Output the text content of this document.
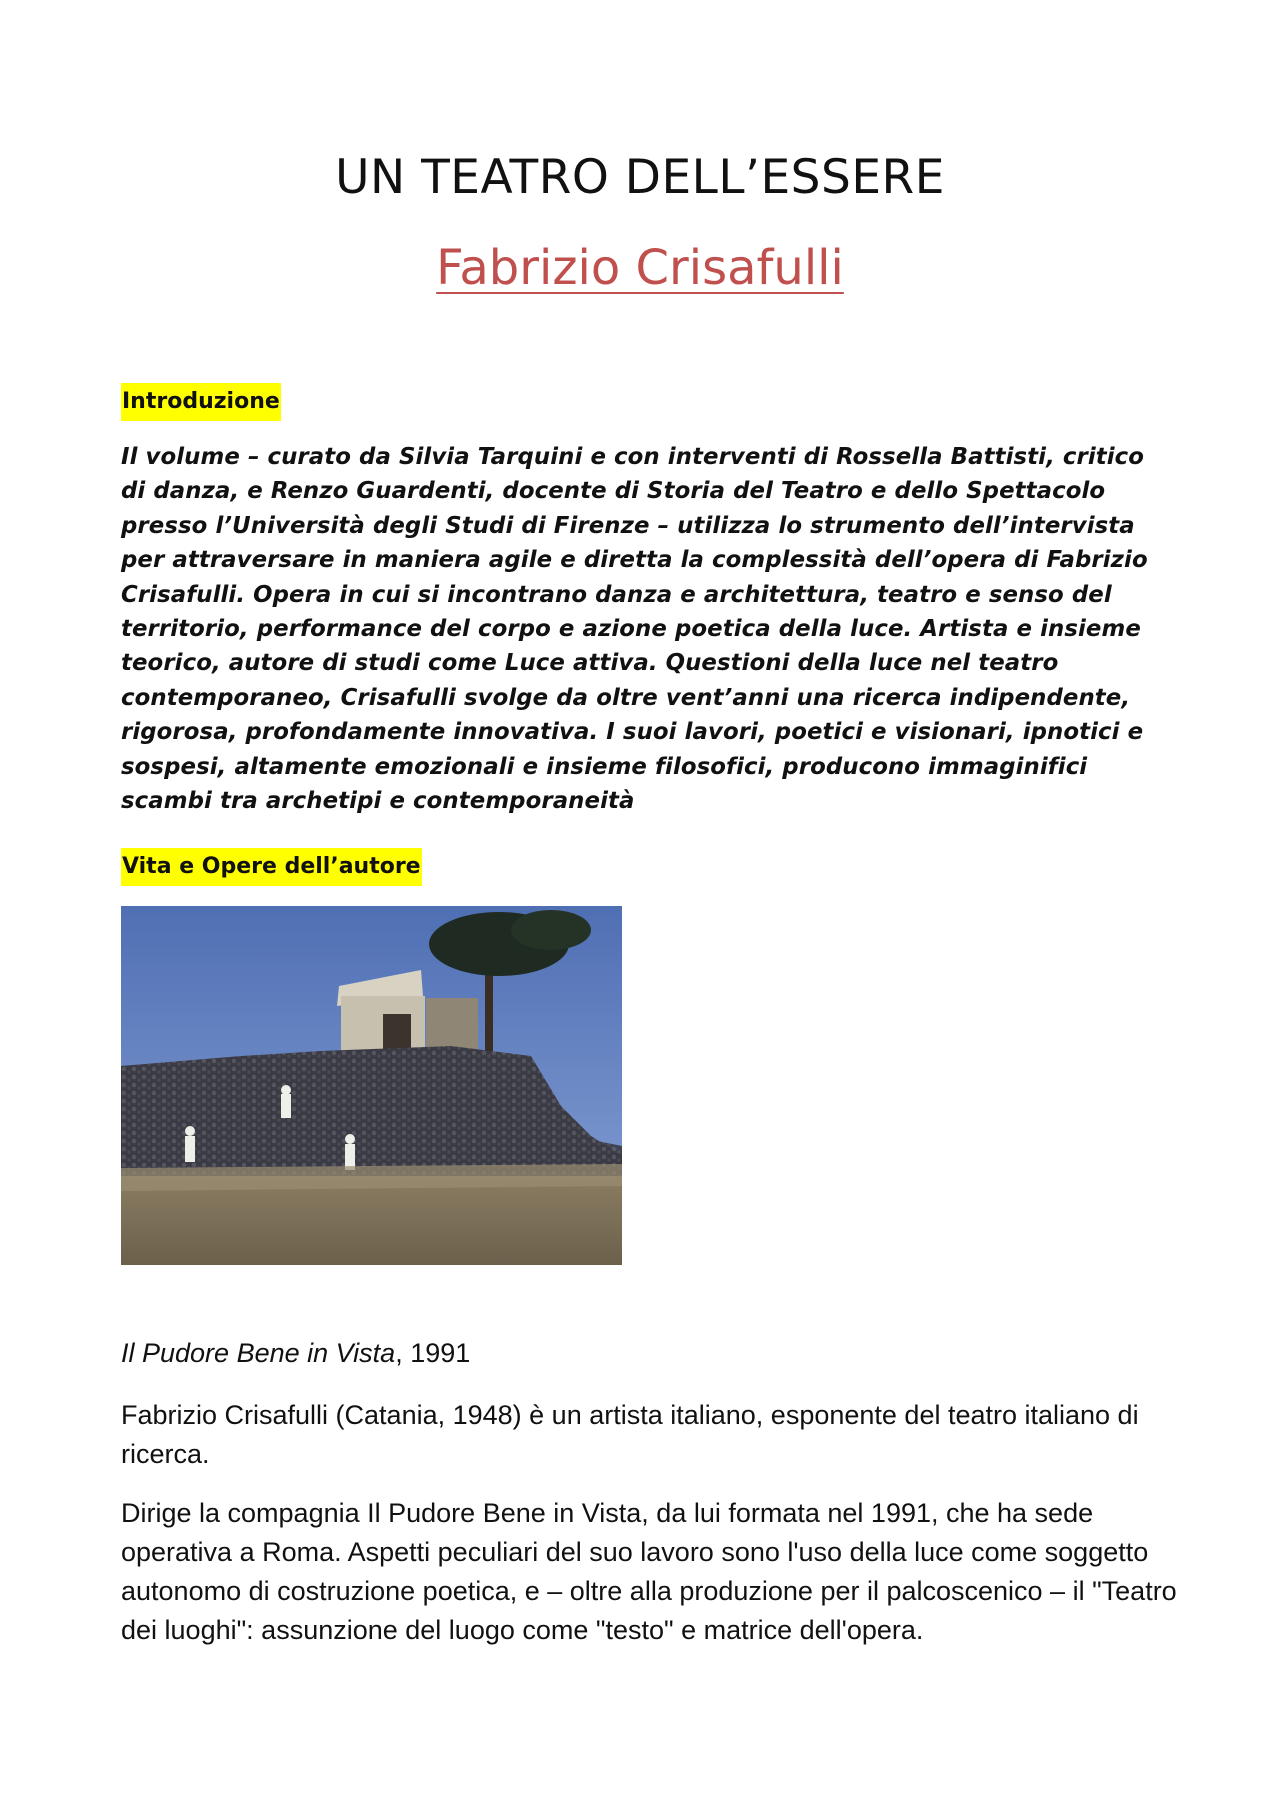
UN TEATRO DELL’ESSERE
Fabrizio Crisafulli
Introduzione

Il volume – curato da Silvia Tarquini e con interventi di Rossella Battisti, critico di danza, e Renzo Guardenti, docente di Storia del Teatro e dello Spettacolo presso l’Università degli Studi di Firenze – utilizza lo strumento dell’intervista per attraversare in maniera agile e diretta la complessità dell’opera di Fabrizio Crisafulli. Opera in cui si incontrano danza e architettura, teatro e senso del territorio, performance del corpo e azione poetica della luce. Artista e insieme teorico, autore di studi come Luce attiva. Questioni della luce nel teatro contemporaneo, Crisafulli svolge da oltre vent’anni una ricerca indipendente, rigorosa, profondamente innovativa. I suoi lavori, poetici e visionari, ipnotici e sospesi, altamente emozionali e insieme filosofici, producono immaginifici scambi tra archetipi e contemporaneità

Vita e Opere dell’autore

Il Pudore Bene in Vista, 1991

Fabrizio Crisafulli (Catania, 1948) è un artista italiano, esponente del teatro italiano di ricerca.

Dirige la compagnia Il Pudore Bene in Vista, da lui formata nel 1991, che ha sede operativa a Roma. Aspetti peculiari del suo lavoro sono l'uso della luce come soggetto autonomo di costruzione poetica, e – oltre alla produzione per il palcoscenico – il "Teatro dei luoghi": assunzione del luogo come "testo" e matrice dell'opera.
